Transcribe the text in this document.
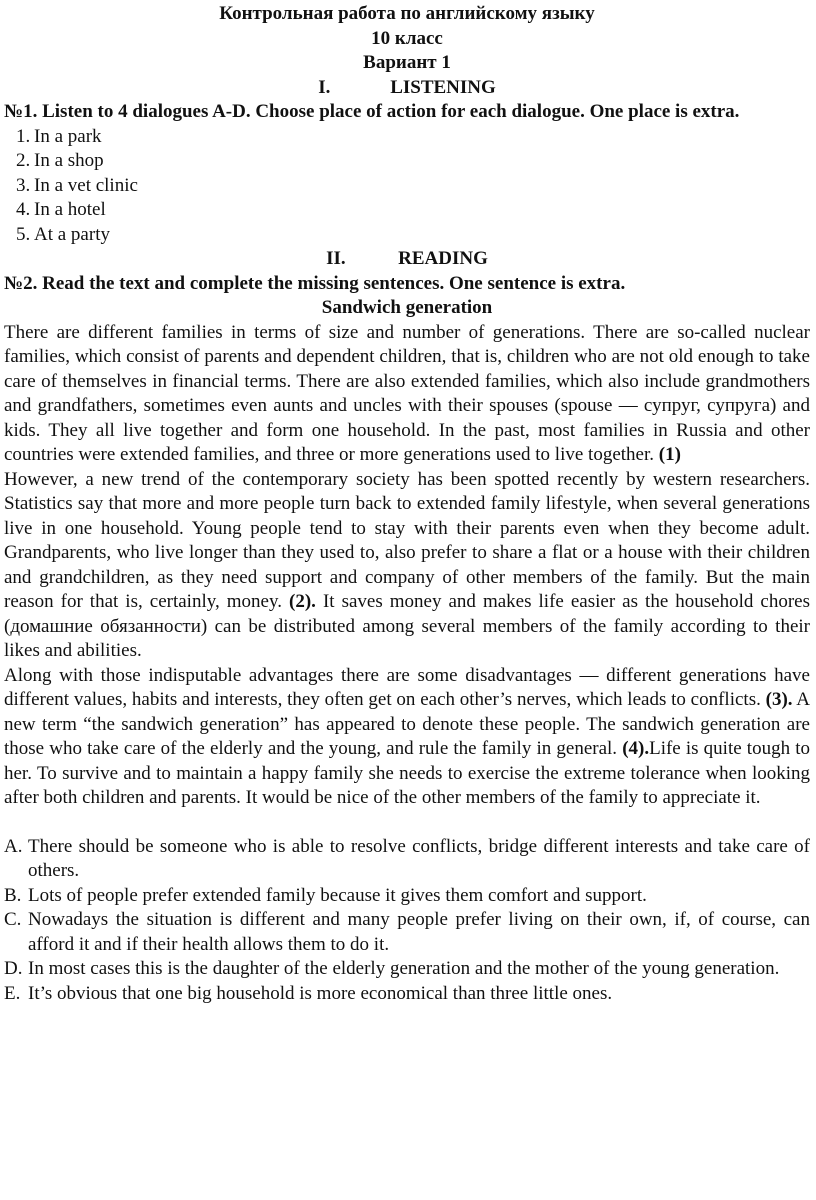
Контрольная работа по английскому языку
10 класс
Вариант 1
I.	LISTENING

№1. Listen to 4 dialogues A-D. Choose place of action for each dialogue. One place is extra.

1. In a park
2. In a shop
3. In a vet clinic
4. In a hotel
5. At a party
II.	READING

№2. Read the text and complete the missing sentences. One sentence is extra.

Sandwich generation

There are different families in terms of size and number of generations. There are so-called nuclear families, which consist of parents and dependent children, that is, children who are not old enough to take care of themselves in financial terms. There are also extended families, which also include grandmothers and grandfathers, sometimes even aunts and uncles with their spouses (spouse — супруг, супруга) and kids. They all live together and form one household. In the past, most families in Russia and other countries were extended families, and three or more generations used to live together. (1)

However, a new trend of the contemporary society has been spotted recently by western researchers. Statistics say that more and more people turn back to extended family lifestyle, when several generations live in one household. Young people tend to stay with their parents even when they become adult. Grandparents, who live longer than they used to, also prefer to share a flat or a house with their children and grandchildren, as they need support and company of other members of the family. But the main reason for that is, certainly, money. (2). It saves money and makes life easier as the household chores (домашние обязанности) can be distributed among several members of the family according to their likes and abilities.

Along with those indisputable advantages there are some disadvantages — different generations have different values, habits and interests, they often get on each other’s nerves, which leads to conflicts. (3). A new term “the sandwich generation” has appeared to denote these people. The sandwich generation are those who take care of the elderly and the young, and rule the family in general. (4).Life is quite tough to her. To survive and to maintain a happy family she needs to exercise the extreme tolerance when looking after both children and parents. It would be nice of the other members of the family to appreciate it.

A. There should be someone who is able to resolve conflicts, bridge different interests and take care of others.
B. Lots of people prefer extended family because it gives them comfort and support.
C. Nowadays the situation is different and many people prefer living on their own, if, of course, can afford it and if their health allows them to do it.
D. In most cases this is the daughter of the elderly generation and the mother of the young generation.
E. It’s obvious that one big household is more economical than three little ones.
